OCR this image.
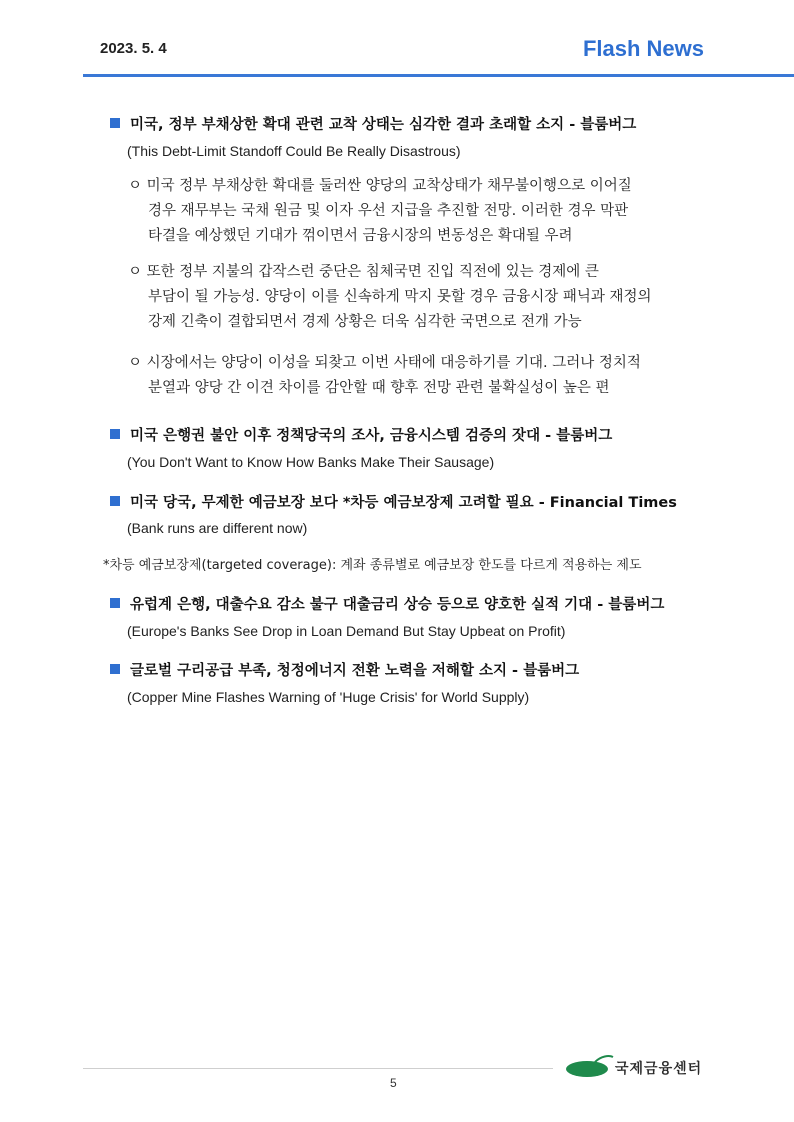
2023. 5. 4	Flash News
미국, 정부 부채상한 확대 관련 교착 상태는 심각한 결과 초래할 소지 - 블룸버그
(This Debt-Limit Standoff Could Be Really Disastrous)
ㅇ 미국 정부 부채상한 확대를 둘러싼 양당의 교착상태가 채무불이행으로 이어질
경우 재무부는 국채 원금 및 이자 우선 지급을 추진할 전망. 이러한 경우 막판
타결을 예상했던 기대가 꺾이면서 금융시장의 변동성은 확대될 우려
ㅇ 또한 정부 지불의 갑작스런 중단은 침체국면 진입 직전에 있는 경제에 큰
부담이 될 가능성. 양당이 이를 신속하게 막지 못할 경우 금융시장 패닉과 재정의
강제 긴축이 결합되면서 경제 상황은 더욱 심각한 국면으로 전개 가능
ㅇ 시장에서는 양당이 이성을 되찾고 이번 사태에 대응하기를 기대. 그러나 정치적
분열과 양당 간 이견 차이를 감안할 때 향후 전망 관련 불확실성이 높은 편
미국 은행권 불안 이후 정책당국의 조사, 금융시스템 검증의 잣대 - 블룸버그
(You Don't Want to Know How Banks Make Their Sausage)
미국 당국, 무제한 예금보장 보다 *차등 예금보장제 고려할 필요 - Financial Times
(Bank runs are different now)
*차등 예금보장제(targeted coverage): 계좌 종류별로 예금보장 한도를 다르게 적용하는 제도
유럽계 은행, 대출수요 감소 불구 대출금리 상승 등으로 양호한 실적 기대 - 블룸버그
(Europe's Banks See Drop in Loan Demand But Stay Upbeat on Profit)
글로벌 구리공급 부족, 청정에너지 전환 노력을 저해할 소지 - 블룸버그
(Copper Mine Flashes Warning of 'Huge Crisis' for World Supply)
5
국제금융센터
